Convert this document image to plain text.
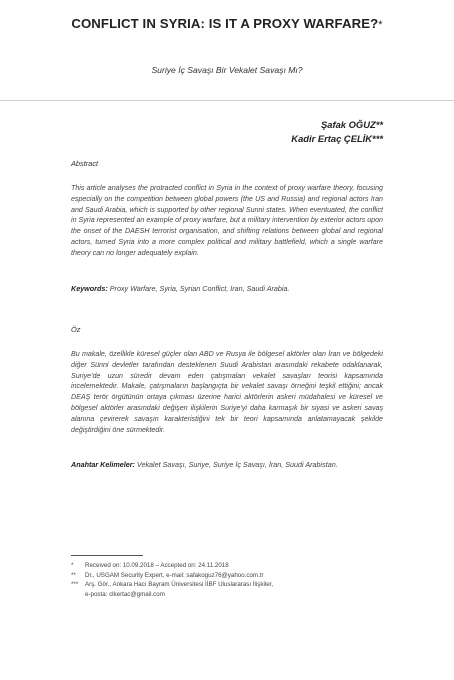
CONFLICT IN SYRIA: IS IT A PROXY WARFARE?*
Suriye İç Savaşı Bir Vekalet Savaşı Mı?
Şafak OĞUZ**
Kadir Ertaç ÇELİK***
Abstract
This article analyses the protracted conflict in Syria in the context of proxy warfare theory, focusing especially on the competition between global powers (the US and Russia) and regional actors Iran and Saudi Arabia, which is supported by other regional Sunni states. When eventuated, the conflict in Syria represented an example of proxy warfare, but a military intervention by exterior actors upon the onset of the DAESH terrorist organisation, and shifting relations between global and regional actors, turned Syria into a more complex political and military battlefield, which a single warfare theory can no longer adequately explain.
Keywords: Proxy Warfare, Syria, Syrian Conflict, Iran, Saudi Arabia.
Öz
Bu makale, özellikle küresel güçler olan ABD ve Rusya ile bölgesel aktörler olan İran ve bölgedeki diğer Sünni devletler tarafından desteklenen Suudi Arabistan arasındaki rekabete odaklanarak, Suriye'de uzun süredir devam eden çatışmaları vekalet savaşları teorisi kapsamında incelemektedir. Makale, çatışmaların başlangıçta bir vekalet savaşı örneğini teşkil ettiğini; ancak DEAŞ terör örgütünün ortaya çıkması üzerine harici aktörlerin askeri müdahalesi ve küresel ve bölgesel aktörler arasındaki değişen ilişkilerin Suriye'yi daha karmaşık bir siyasi ve askeri savaş alanına çevirerek savaşın karakteristiğini tek bir teori kapsamında anlatamayacak şekilde değiştirdiğini öne sürmektedir.
Anahtar Kelimeler: Vekalet Savaşı, Suriye, Suriye İç Savaşı, İran, Suudi Arabistan.
*	Received on: 10.09.2018 – Accepted on: 24.11.2018
**	Dr., USGAM Security Expert, e-mail: safakoguz76@yahoo.com.tr
***	Arş. Gör., Ankara Hacı Bayram Üniversitesi İİBF Uluslararası İlişkiler,
e-posta: clkertac@gmail.com
